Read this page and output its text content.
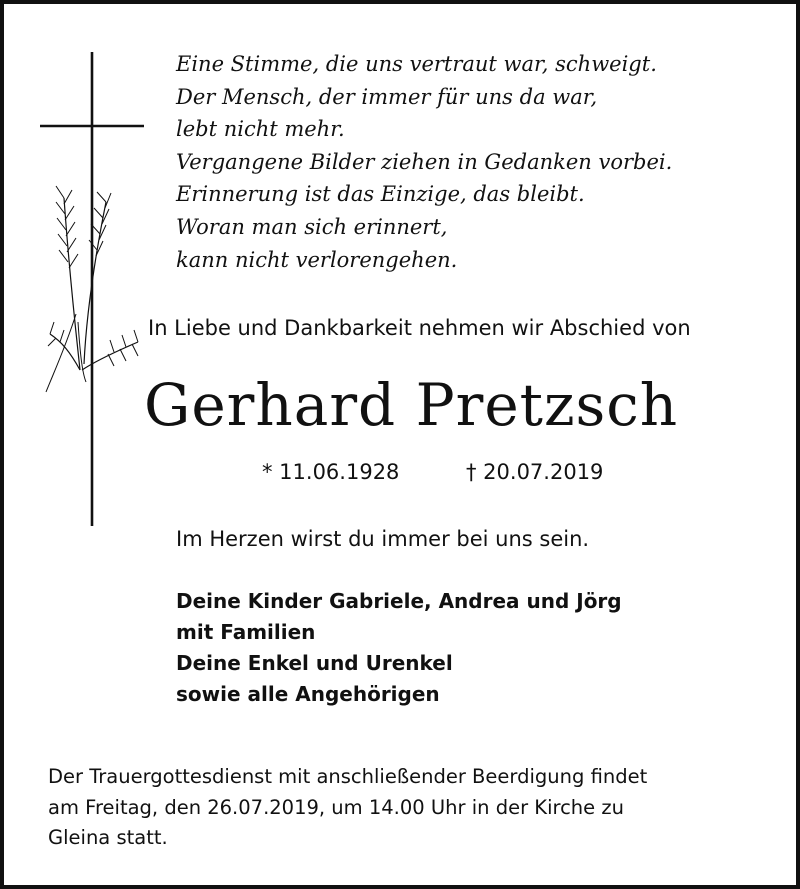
Eine Stimme, die uns vertraut war, schweigt.
Der Mensch, der immer für uns da war,
lebt nicht mehr.
Vergangene Bilder ziehen in Gedanken vorbei.
Erinnerung ist das Einzige, das bleibt.
Woran man sich erinnert,
kann nicht verlorengehen.
In Liebe und Dankbarkeit nehmen wir Abschied von
Gerhard Pretzsch
* 11.06.1928	† 20.07.2019
Im Herzen wirst du immer bei uns sein.
Deine Kinder Gabriele, Andrea und Jörg
mit Familien
Deine Enkel und Urenkel
sowie alle Angehörigen
Der Trauergottesdienst mit anschließender Beerdigung findet
am Freitag, den 26.07.2019, um 14.00 Uhr in der Kirche zu
Gleina statt.
